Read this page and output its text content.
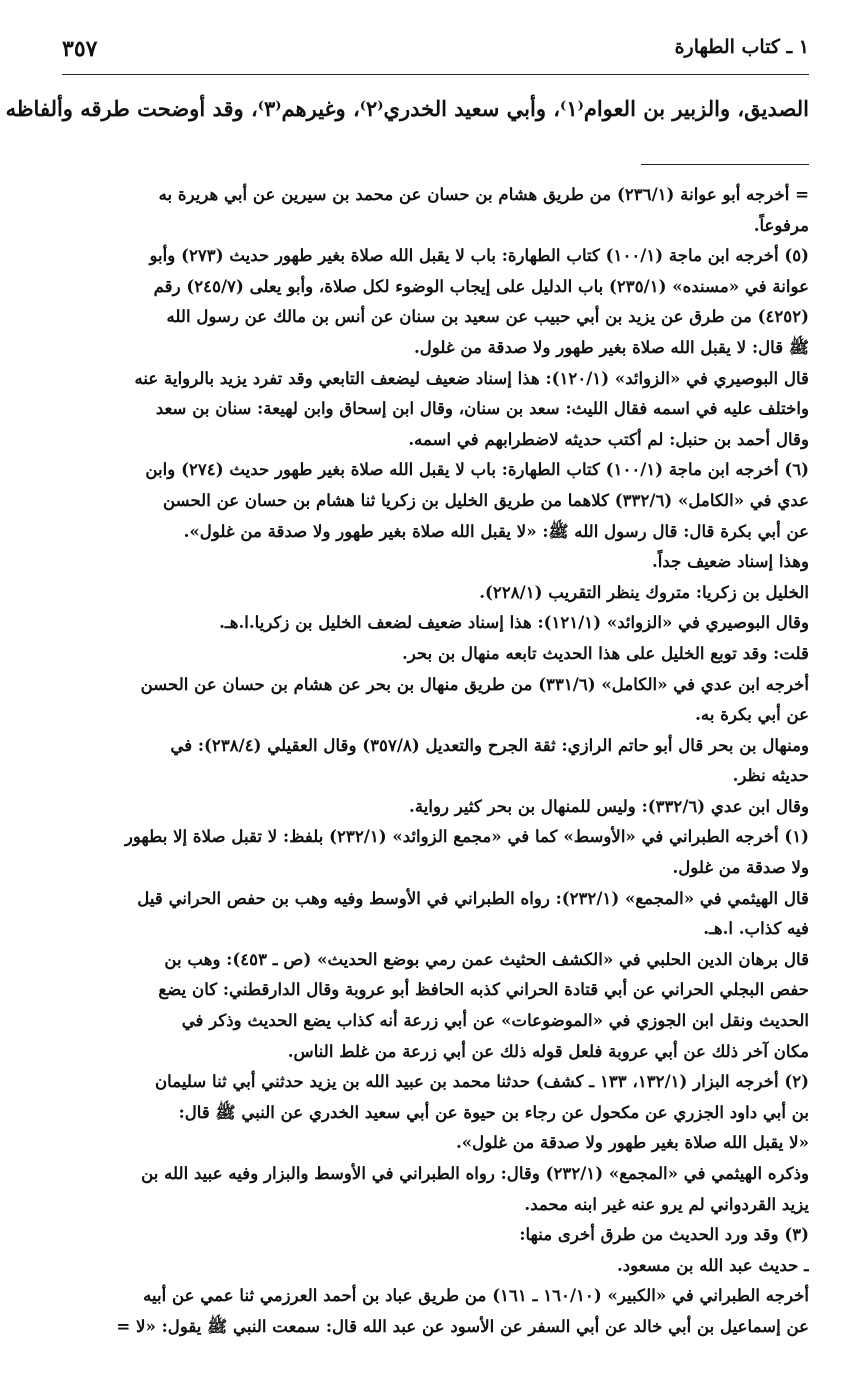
١ ـ كتاب الطهارة
٣٥٧
الصديق، والزبير بن العوام⁽١⁾، وأبي سعيد الخدري⁽٢⁾، وغيرهم⁽٣⁾، وقد أوضحت طرقه وألفاظه
= أخرجه أبو عوانة (٢٣٦/١) من طريق هشام بن حسان عن محمد بن سيرين عن أبي هريرة به
مرفوعاً.
(٥) أخرجه ابن ماجة (١٠٠/١) كتاب الطهارة: باب لا يقبل الله صلاة بغير طهور حديث (٢٧٣) وأبو
عوانة في «مسنده» (٢٣٥/١) باب الدليل على إيجاب الوضوء لكل صلاة، وأبو يعلى (٢٤٥/٧) رقم
(٤٢٥٢) من طرق عن يزيد بن أبي حبيب عن سعيد بن سنان عن أنس بن مالك عن رسول الله
ﷺ قال: لا يقبل الله صلاة بغير طهور ولا صدقة من غلول.
قال البوصيري في «الزوائد» (١٢٠/١): هذا إسناد ضعيف ليضعف التابعي وقد تفرد يزيد بالرواية عنه
واختلف عليه في اسمه فقال الليث: سعد بن سنان، وقال ابن إسحاق وابن لهيعة: سنان بن سعد
وقال أحمد بن حنبل: لم أكتب حديثه لاضطرابهم في اسمه.
(٦) أخرجه ابن ماجة (١٠٠/١) كتاب الطهارة: باب لا يقبل الله صلاة بغير طهور حديث (٢٧٤) وابن
عدي في «الكامل» (٣٣٢/٦) كلاهما من طريق الخليل بن زكريا ثنا هشام بن حسان عن الحسن
عن أبي بكرة قال: قال رسول الله ﷺ: «لا يقبل الله صلاة بغير طهور ولا صدقة من غلول».
وهذا إسناد ضعيف جداً.
الخليل بن زكريا: متروك ينظر التقريب (٢٢٨/١).
وقال البوصيري في «الزوائد» (١٢١/١): هذا إسناد ضعيف لضعف الخليل بن زكريا.ا.هـ.
قلت: وقد توبع الخليل على هذا الحديث تابعه منهال بن بحر.
أخرجه ابن عدي في «الكامل» (٣٣١/٦) من طريق منهال بن بحر عن هشام بن حسان عن الحسن
عن أبي بكرة به.
ومنهال بن بحر قال أبو حاتم الرازي: ثقة الجرح والتعديل (٣٥٧/٨) وقال العقيلي (٢٣٨/٤): في
حديثه نظر.
وقال ابن عدي (٣٣٢/٦): وليس للمنهال بن بحر كثير رواية.
(١) أخرجه الطبراني في «الأوسط» كما في «مجمع الزوائد» (٢٣٢/١) بلفظ: لا تقبل صلاة إلا بطهور
ولا صدقة من غلول.
قال الهيثمي في «المجمع» (٢٣٢/١): رواه الطبراني في الأوسط وفيه وهب بن حفص الحراني قيل
فيه كذاب. ا.هـ.
قال برهان الدين الحلبي في «الكشف الحثيث عمن رمي بوضع الحديث» (ص ـ ٤٥٣): وهب بن
حفص البجلي الحراني عن أبي قتادة الحراني كذبه الحافظ أبو عروبة وقال الدارقطني: كان يضع
الحديث ونقل ابن الجوزي في «الموضوعات» عن أبي زرعة أنه كذاب يضع الحديث وذكر في
مكان آخر ذلك عن أبي عروبة فلعل قوله ذلك عن أبي زرعة من غلط الناس.
(٢) أخرجه البزار (١٣٢/١، ١٣٣ ـ كشف) حدثنا محمد بن عبيد الله بن يزيد حدثني أبي ثنا سليمان
بن أبي داود الجزري عن مكحول عن رجاء بن حيوة عن أبي سعيد الخدري عن النبي ﷺ قال:
«لا يقبل الله صلاة بغير طهور ولا صدقة من غلول».
وذكره الهيثمي في «المجمع» (٢٣٢/١) وقال: رواه الطبراني في الأوسط والبزار وفيه عبيد الله بن
يزيد القردواني لم يرو عنه غير ابنه محمد.
(٣) وقد ورد الحديث من طرق أخرى منها:
ـ حديث عبد الله بن مسعود.
أخرجه الطبراني في «الكبير» (١٦٠/١٠ ـ ١٦١) من طريق عباد بن أحمد العرزمي ثنا عمي عن أبيه
عن إسماعيل بن أبي خالد عن أبي السفر عن الأسود عن عبد الله قال: سمعت النبي ﷺ يقول: «لا =
